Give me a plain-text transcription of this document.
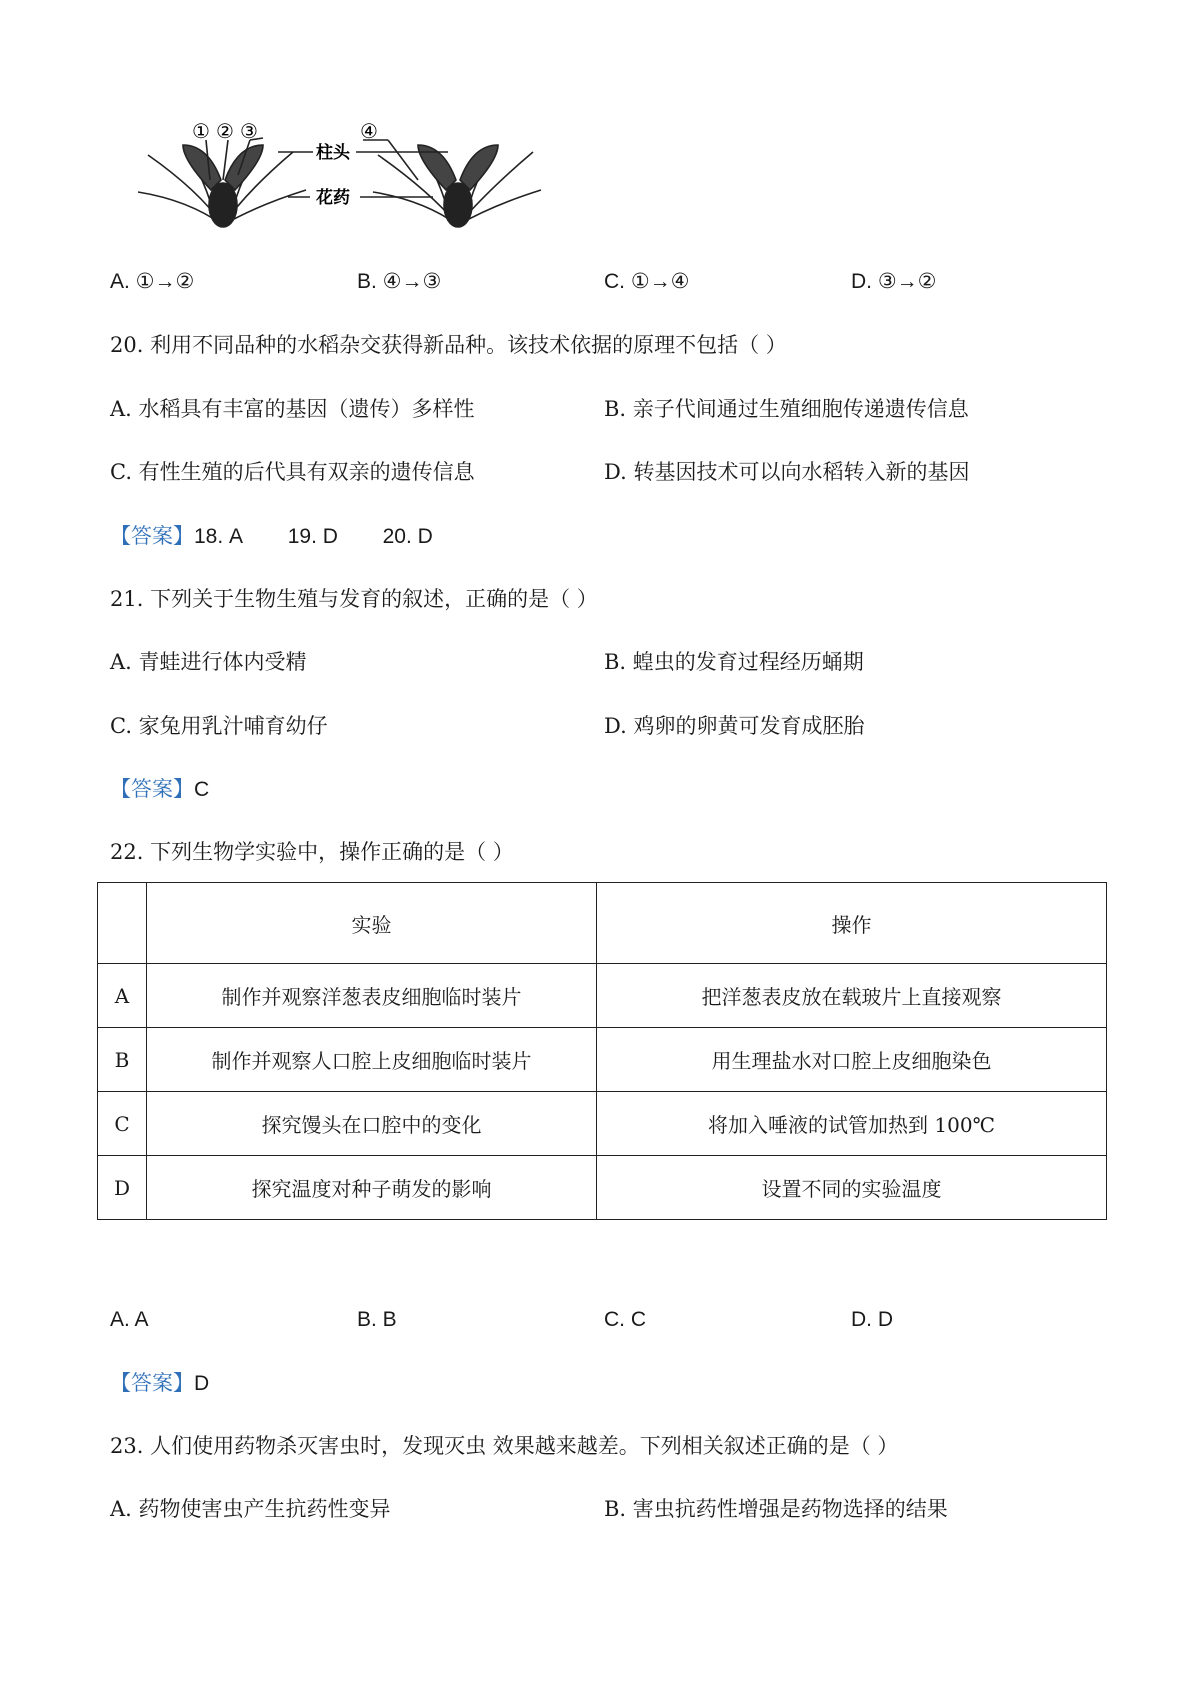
① ② ③	④
柱头
花药
A. ①→②	B. ④→③	C. ①→④	D. ③→②
20. 利用不同品种的水稻杂交获得新品种。该技术依据的原理不包括（ ）
A. 水稻具有丰富的基因（遗传）多样性	B. 亲子代间通过生殖细胞传递遗传信息
C. 有性生殖的后代具有双亲的遗传信息	D. 转基因技术可以向水稻转入新的基因
【答案】18. A 19. D 20. D
21. 下列关于生物生殖与发育的叙述，正确的是（ ）
A. 青蛙进行体内受精	B. 蝗虫的发育过程经历蛹期
C. 家兔用乳汁哺育幼仔	D. 鸡卵的卵黄可发育成胚胎
【答案】C
22. 下列生物学实验中，操作正确的是（ ）
	实验	操作
A	制作并观察洋葱表皮细胞临时装片	把洋葱表皮放在载玻片上直接观察
B	制作并观察人口腔上皮细胞临时装片	用生理盐水对口腔上皮细胞染色
C	探究馒头在口腔中的变化	将加入唾液的试管加热到 100℃
D	探究温度对种子萌发的影响	设置不同的实验温度
A. A	B. B	C. C	D. D
【答案】D
23. 人们使用药物杀灭害虫时，发现灭虫 效果越来越差。下列相关叙述正确的是（ ）
A. 药物使害虫产生抗药性变异	B. 害虫抗药性增强是药物选择的结果
